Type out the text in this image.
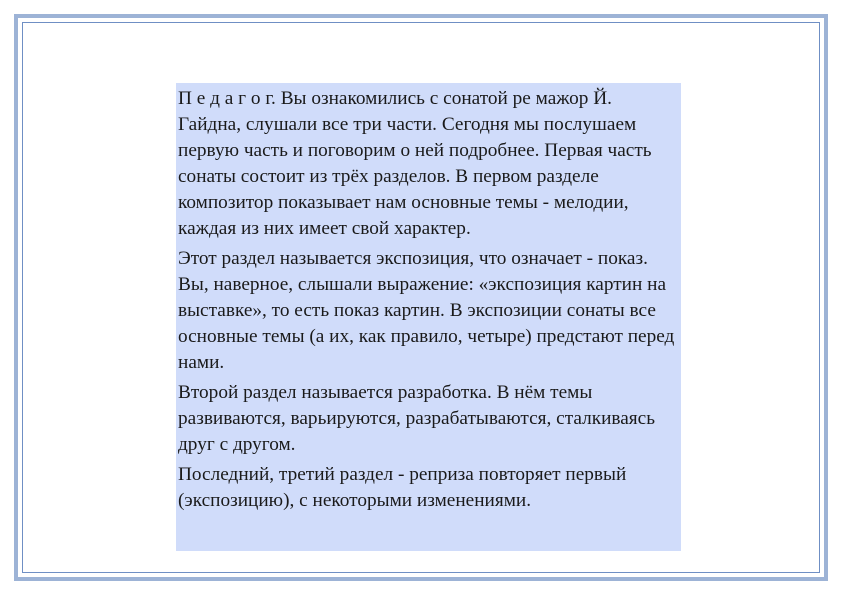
П е д а г о г. Вы ознакомились с сонатой ре мажор Й. Гайдна, слушали все три части. Сегодня мы послушаем первую часть и поговорим о ней подробнее. Первая часть сонаты состоит из трёх разделов. В первом разделе композитор показывает нам основные темы - мелодии, каждая из них имеет свой характер.

Этот раздел называется экспозиция, что означает - показ. Вы, наверное, слышали выражение: «экспозиция картин на выставке», то есть показ картин. В экспозиции сонаты все основные темы (а их, как правило, четыре) предстают перед нами.

Второй раздел называется разработка. В нём темы развиваются, варьируются, разрабатываются, сталкиваясь друг с другом.

Последний, третий раздел - реприза повторяет первый (экспозицию), с некоторыми изменениями.
